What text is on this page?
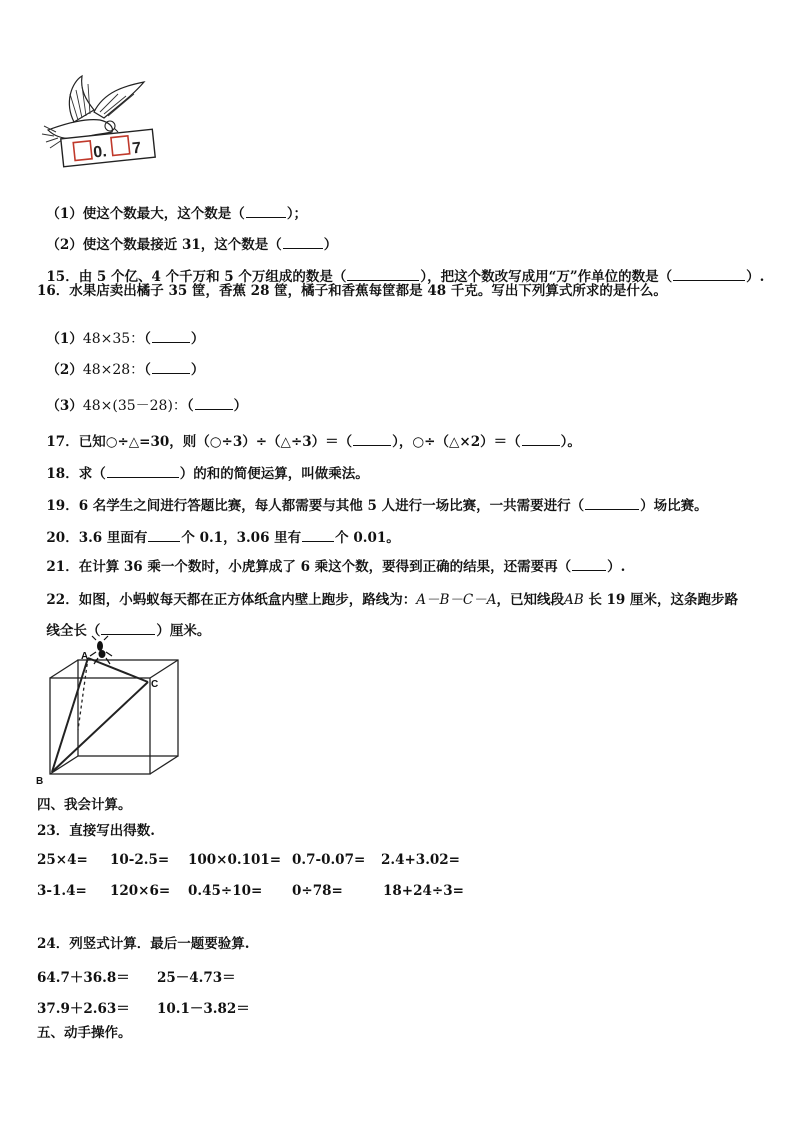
0. 7

（1）使这个数最大，这个数是（	）；

（2）使这个数最接近 31，这个数是（	）

15．由 5 个亿、4 个千万和 5 个万组成的数是（	），把这个数改写成用“万”作单位的数是（	）.

16．水果店卖出橘子 35 筐，香蕉 28 筐，橘子和香蕉每筐都是 48 千克。写出下列算式所求的是什么。

（1）48×35：（	）

（2）48×28：（	）

（3）48×(35－28)：（	）

17．已知○÷△=30，则（○÷3）÷（△÷3）＝（	），○÷（△×2）＝（	）。

18．求（	）的和的简便运算，叫做乘法。

19．6 名学生之间进行答题比赛，每人都需要与其他 5 人进行一场比赛，一共需要进行（	）场比赛。

20．3.6 里面有	个 0.1，3.06 里有	个 0.01。

21．在计算 36 乘一个数时，小虎算成了 6 乘这个数，要得到正确的结果，还需要再（	）.

22．如图，小蚂蚁每天都在正方体纸盒内壁上跑步，路线为：A－B－C－A，已知线段AB 长 19 厘米，这条跑步路

线全长（	）厘米。

A
C
B
四、我会计算。
23．直接写出得数.
25×4= 10-2.5= 100×0.101= 0.7-0.07= 2.4+3.02=
3-1.4= 120×6= 0.45÷10= 0÷78=	18+24÷3=
24．列竖式计算．最后一题要验算.
64.7＋36.8＝ 25－4.73＝
37.9＋2.63＝ 10.1－3.82＝
五、动手操作。
